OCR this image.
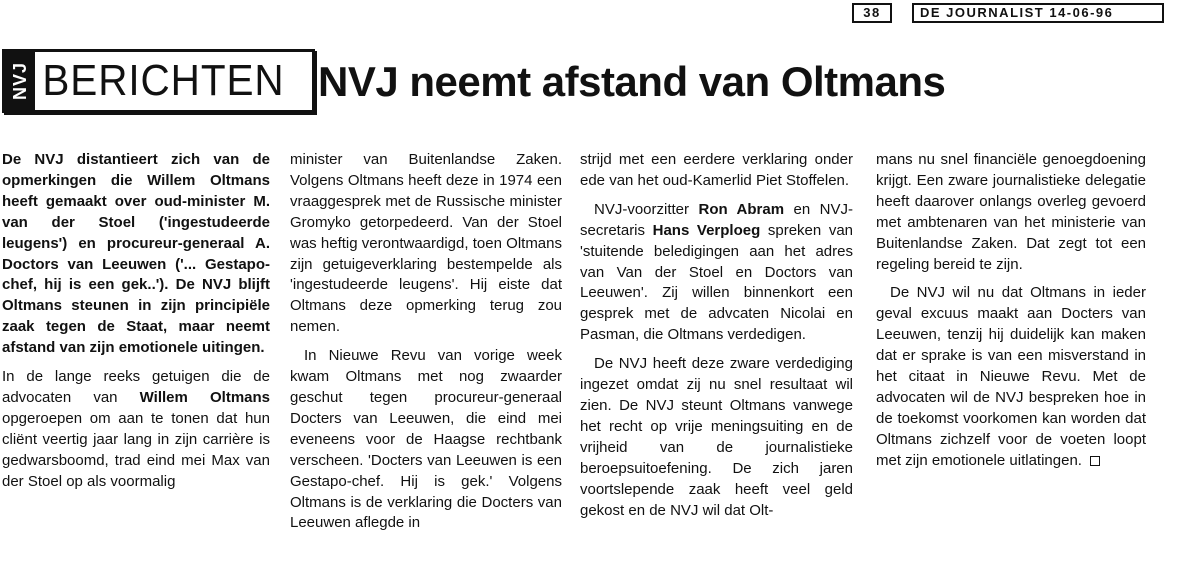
38	DE JOURNALIST 14-06-96
NVJ BERICHTEN NVJ neemt afstand van Oltmans

De NVJ distantieert zich van de opmerkingen die Willem Oltmans heeft gemaakt over oud-minister M. van der Stoel ('ingestudeerde leugens') en procureur-generaal A. Doctors van Leeuwen ('... Gestapo-chef, hij is een gek..'). De NVJ blijft Oltmans steunen in zijn principiële zaak tegen de Staat, maar neemt afstand van zijn emotionele uitingen.

In de lange reeks getuigen die de advocaten van Willem Oltmans opgeroepen om aan te tonen dat hun cliënt veertig jaar lang in zijn carrière is gedwarsboomd, trad eind mei Max van der Stoel op als voormalig

minister van Buitenlandse Zaken. Volgens Oltmans heeft deze in 1974 een vraaggesprek met de Russische minister Gromyko getorpedeerd. Van der Stoel was heftig verontwaardigd, toen Oltmans zijn getuigeverklaring bestempelde als 'ingestudeerde leugens'. Hij eiste dat Oltmans deze opmerking terug zou nemen.

In Nieuwe Revu van vorige week kwam Oltmans met nog zwaarder geschut tegen procureur-generaal Docters van Leeuwen, die eind mei eveneens voor de Haagse rechtbank verscheen. 'Docters van Leeuwen is een Gestapo-chef. Hij is gek.' Volgens Oltmans is de verklaring die Docters van Leeuwen aflegde in

strijd met een eerdere verklaring onder ede van het oud-Kamerlid Piet Stoffelen.

NVJ-voorzitter Ron Abram en NVJ-secretaris Hans Verploeg spreken van 'stuitende beledigingen aan het adres van Van der Stoel en Doctors van Leeuwen'. Zij willen binnenkort een gesprek met de advcaten Nicolai en Pasman, die Oltmans verdedigen.

De NVJ heeft deze zware verdediging ingezet omdat zij nu snel resultaat wil zien. De NVJ steunt Oltmans vanwege het recht op vrije meningsuiting en de vrijheid van de journalistieke beroepsuitoefening. De zich jaren voortslepende zaak heeft veel geld gekost en de NVJ wil dat Olt-

mans nu snel financiële genoegdoening krijgt. Een zware journalistieke delegatie heeft daarover onlangs overleg gevoerd met ambtenaren van het ministerie van Buitenlandse Zaken. Dat zegt tot een regeling bereid te zijn.

De NVJ wil nu dat Oltmans in ieder geval excuus maakt aan Docters van Leeuwen, tenzij hij duidelijk kan maken dat er sprake is van een misverstand in het citaat in Nieuwe Revu. Met de advocaten wil de NVJ bespreken hoe in de toekomst voorkomen kan worden dat Oltmans zichzelf voor de voeten loopt met zijn emotionele uitlatingen.
